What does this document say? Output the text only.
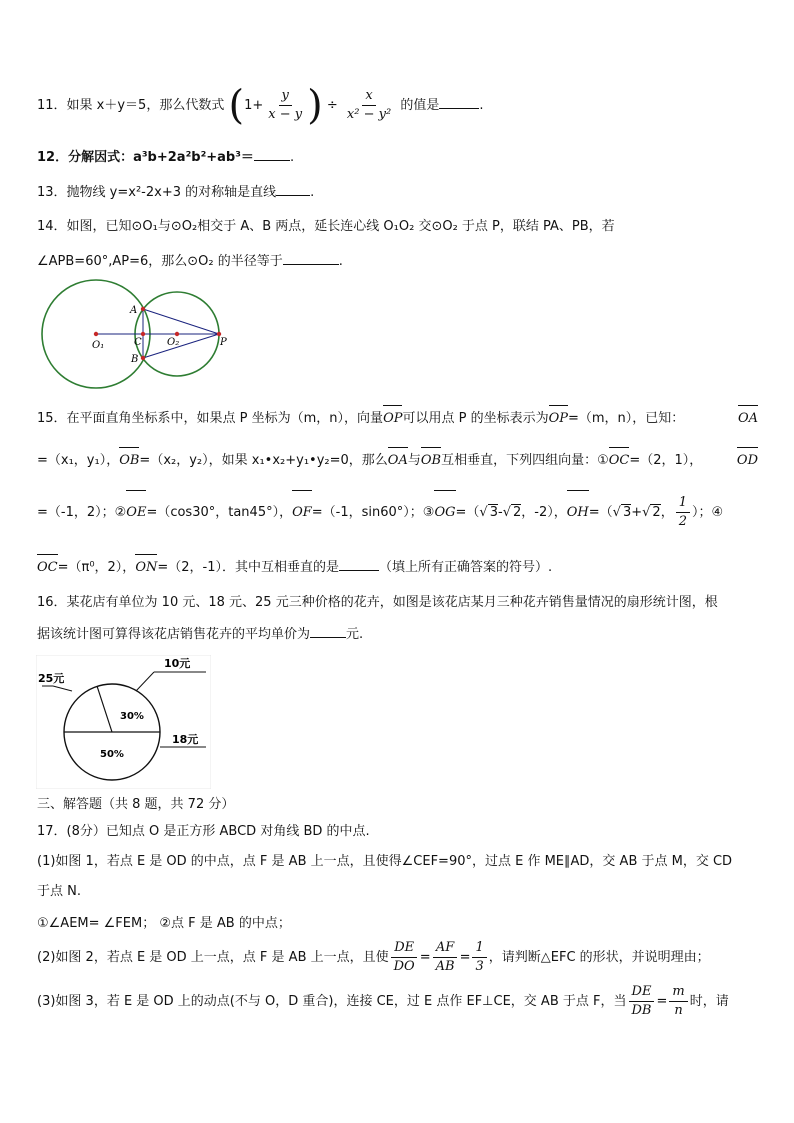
11．如果 x＋y＝5，那么代数式 ($1+ \frac{y}{x - y}$ ) ÷ $\frac{x}{\text{x² − y²}}$ 的值是	.
12．分解因式：a³b+2a²b²+ab³＝	.
13．抛物线 y=x²-2x+3 的对称轴是直线	.
14．如图，已知⊙O₁与⊙O₂相交于 A、B 两点，延长连心线 O₁O₂ 交⊙O₂ 于点 P，联结 PA、PB，若
∠APB=60°,AP=6，那么⊙O₂ 的半径等于	.
A
B
C
O₁	O₂	P
15．在平面直角坐标系中，如果点 P 坐标为（m，n），向量OP可以用点 P 的坐标表示为OP=（m，n），已知：	OA
=（x₁，y₁），OB=（x₂，y₂），如果 x₁•x₂+y₁•y₂=0，那么OA与OB互相垂直，下列四组向量：①OC=（2，1），	OD
=（-1，2）；②OE=（cos30°，tan45°），OF=（-1，sin60°）；③OG=（√ 3-√ 2，-2），OH=（√ 3+√ 2， $\frac{1}{2}$ ）；④
OC=（π⁰，2），ON=（2，-1）．其中互相垂直的是	（填上所有正确答案的符号）.
16．某花店有单位为 10 元、18 元、25 元三种价格的花卉，如图是该花店某月三种花卉销售量情况的扇形统计图，根
据该统计图可算得该花店销售花卉的平均单价为	元.
10元
25元
18元
30%
50%
三、解答题（共 8 题，共 72 分）
17．(8分）已知点 O 是正方形 ABCD 对角线 BD 的中点.
(1)如图 1，若点 E 是 OD 的中点，点 F 是 AB 上一点，且使得∠CEF=90°，过点 E 作 ME∥AD，交 AB 于点 M，交 CD
于点 N.
①∠AEM= ∠FEM； ②点 F 是 AB 的中点；
(2)如图 2，若点 E 是 OD 上一点，点 F 是 AB 上一点，且使 $\frac{DE}{DO} = \frac{AF}{AB} = \frac{1}{3}$ ，请判断△EFC 的形状，并说明理由；
(3)如图 3，若 E 是 OD 上的动点(不与 O，D 重合)，连接 CE，过 E 点作 EF⊥CE，交 AB 于点 F，当 $\frac{DE}{DB} = \frac{m}{n}$ 时，请
